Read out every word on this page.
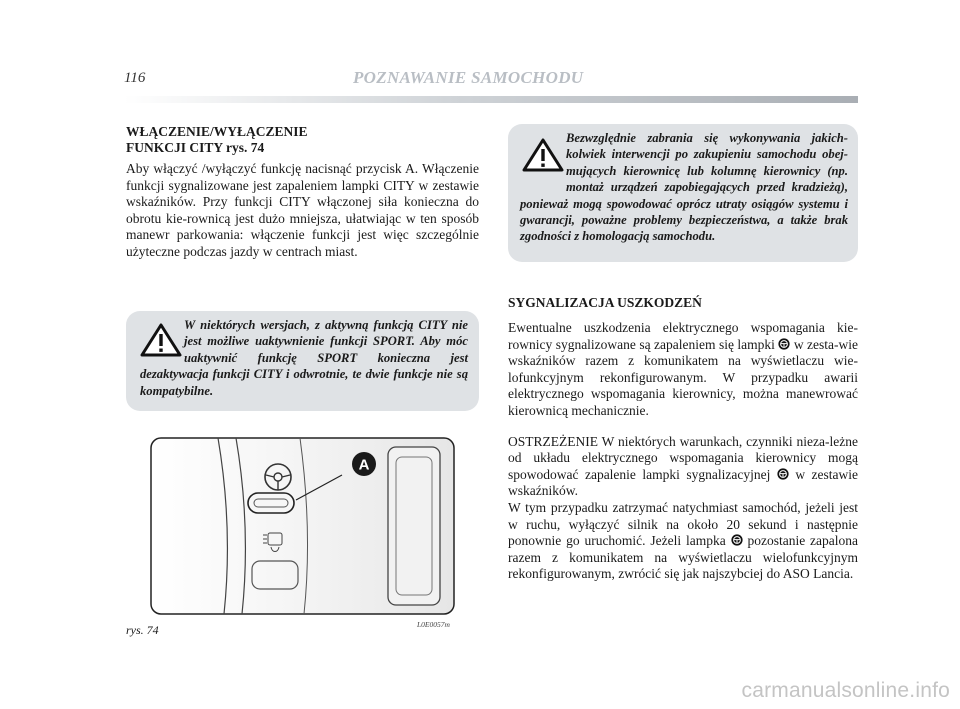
116	POZNAWANIE SAMOCHODU
WŁĄCZENIE/WYŁĄCZENIE
FUNKCJI CITY rys. 74
Aby włączyć /wyłączyć funkcję nacisnąć przycisk A. Włączenie funkcji sygnalizowane jest zapaleniem lampki CITY w zestawie wskaźników. Przy funkcji CITY włączonej siła konieczna do obrotu kie-rownicą jest dużo mniejsza, ułatwiając w ten sposób manewr parkowania: włączenie funkcji jest więc szczególnie użyteczne podczas jazdy w centrach miast.
W niektórych wersjach, z aktywną funkcją CITY nie jest możliwe uaktywnienie funkcji SPORT. Aby móc uaktywnić funkcję SPORT konieczna jest dezaktywacja funkcji CITY i odwrotnie, te dwie funkcje nie są kompatybilne.
A
rys. 74	L0E0057m
Bezwzględnie zabrania się wykonywania jakich-kolwiek interwencji po zakupieniu samochodu obej-mujących kierownicę lub kolumnę kierownicy (np. montaż urządzeń zapobiegających przed kradzieżą), ponieważ mogą spowodować oprócz utraty osiągów systemu i gwarancji, poważne problemy bezpieczeństwa, a także brak zgodności z homologacją samochodu.
SYGNALIZACJA USZKODZEŃ
Ewentualne uszkodzenia elektrycznego wspomagania kie-rownicy sygnalizowane są zapaleniem się lampki w zesta-wie wskaźników razem z komunikatem na wyświetlaczu wie-lofunkcyjnym rekonfigurowanym. W przypadku awarii elektrycznego wspomagania kierownicy, można manewrować kierownicą mechanicznie.
OSTRZEŻENIE W niektórych warunkach, czynniki nieza-leżne od układu elektrycznego wspomagania kierownicy mogą spowodować zapalenie lampki sygnalizacyjnej w zestawie wskaźników.
W tym przypadku zatrzymać natychmiast samochód, jeżeli jest w ruchu, wyłączyć silnik na około 20 sekund i następnie ponownie go uruchomić. Jeżeli lampka pozostanie zapalona razem z komunikatem na wyświetlaczu wielofunkcyjnym rekonfigurowanym, zwrócić się jak najszybciej do ASO Lancia.
carmanualsonline.info
